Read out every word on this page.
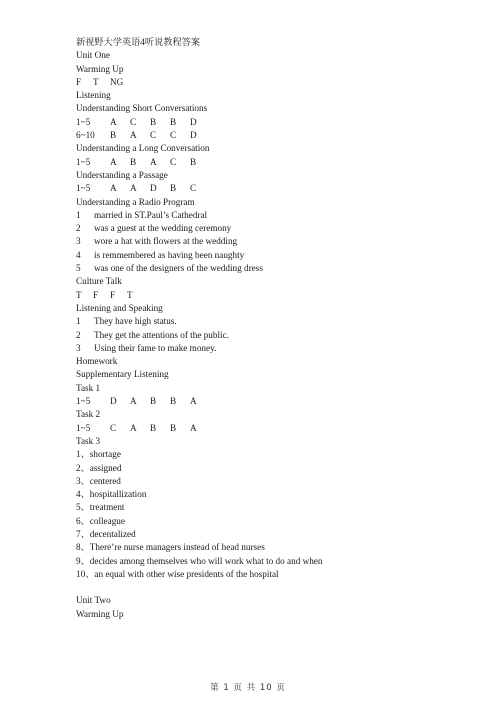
新视野大学英语4听说教程答案
Unit One
Warming Up
F	T	NG
Listening
Understanding Short Conversations
1~5	A	C	B	B	D
6~10	B	A	C	C	D
Understanding a Long Conversation
1~5	A	B	A	C	B
Understanding a Passage
1~5	A	A	D	B	C
Understanding a Radio Program
1	married in ST.Paul’s Cathedral
2	was a guest at the wedding ceremony
3	wore a hat with flowers at the wedding
4	is remmembered as having been naughty
5	was one of the designers of the wedding dress
Culture Talk
T	F	F	T
Listening and Speaking
1	They have high status.
2	They get the attentions of the public.
3	Using their fame to make money.
Homework
Supplementary Listening
Task 1
1~5	D	A	B	B	A
Task 2
1~5	C	A	B	B	A
Task 3
1、shortage
2、assigned
3、centered
4、hospitallization
5、treatment
6、colleague
7、decentalized
8、There’re nurse managers instead of head nurses
9、decides among themselves who will work what to do and when
10、an equal with other wise presidents of the hospital
Unit Two
Warming Up
第 1 页 共 10 页
